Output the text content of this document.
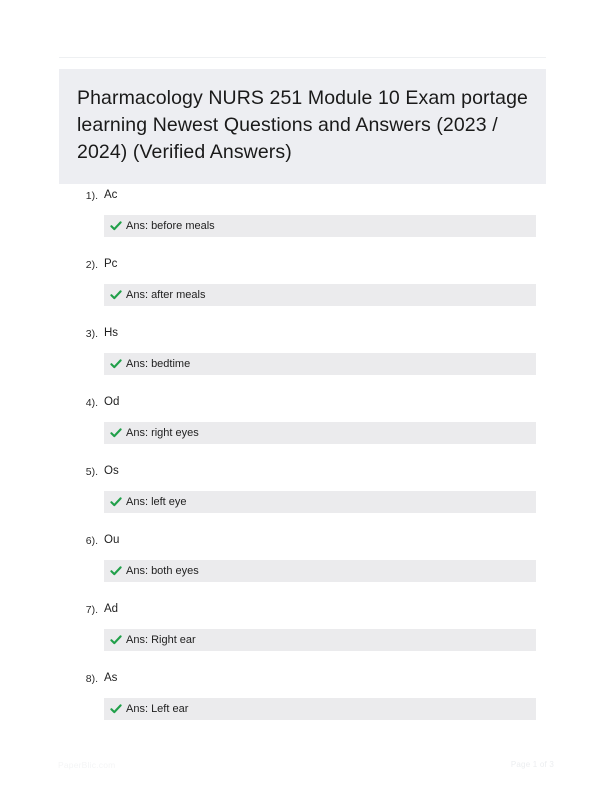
Pharmacology NURS 251 Module 10 Exam portage learning Newest Questions and Answers (2023 / 2024) (Verified Answers)
1). Ac
Ans: before meals
2). Pc
Ans: after meals
3). Hs
Ans: bedtime
4). Od
Ans: right eyes
5). Os
Ans: left eye
6). Ou
Ans: both eyes
7). Ad
Ans: Right ear
8). As
Ans: Left ear
PaperBlic.com	Page 1 of 3
